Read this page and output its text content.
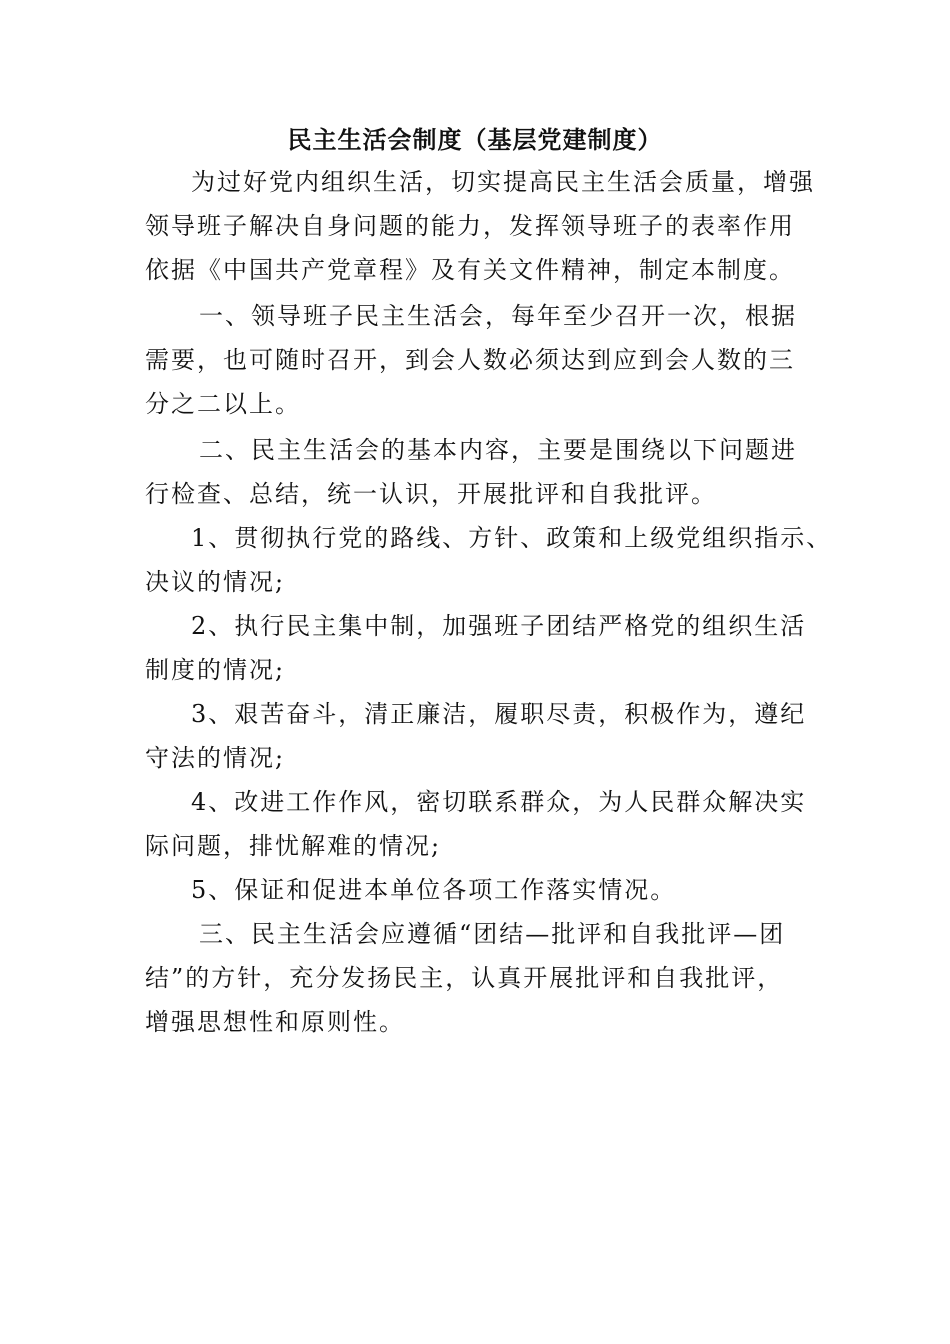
民主生活会制度（基层党建制度）
为过好党内组织生活，切实提高民主生活会质量，增强
领导班子解决自身问题的能力，发挥领导班子的表率作用
依据《中国共产党章程》及有关文件精神，制定本制度。
一、领导班子民主生活会，每年至少召开一次，根据
需要，也可随时召开，到会人数必须达到应到会人数的三
分之二以上。
二、民主生活会的基本内容，主要是围绕以下问题进
行检查、总结，统一认识，开展批评和自我批评。
1、贯彻执行党的路线、方针、政策和上级党组织指示、
决议的情况;
2、执行民主集中制，加强班子团结严格党的组织生活
制度的情况;
3、艰苦奋斗，清正廉洁，履职尽责，积极作为，遵纪
守法的情况;
4、改进工作作风，密切联系群众，为人民群众解决实
际问题，排忧解难的情况;
5、保证和促进本单位各项工作落实情况。
三、民主生活会应遵循“团结—批评和自我批评—团
结”的方针，充分发扬民主，认真开展批评和自我批评，
增强思想性和原则性。
